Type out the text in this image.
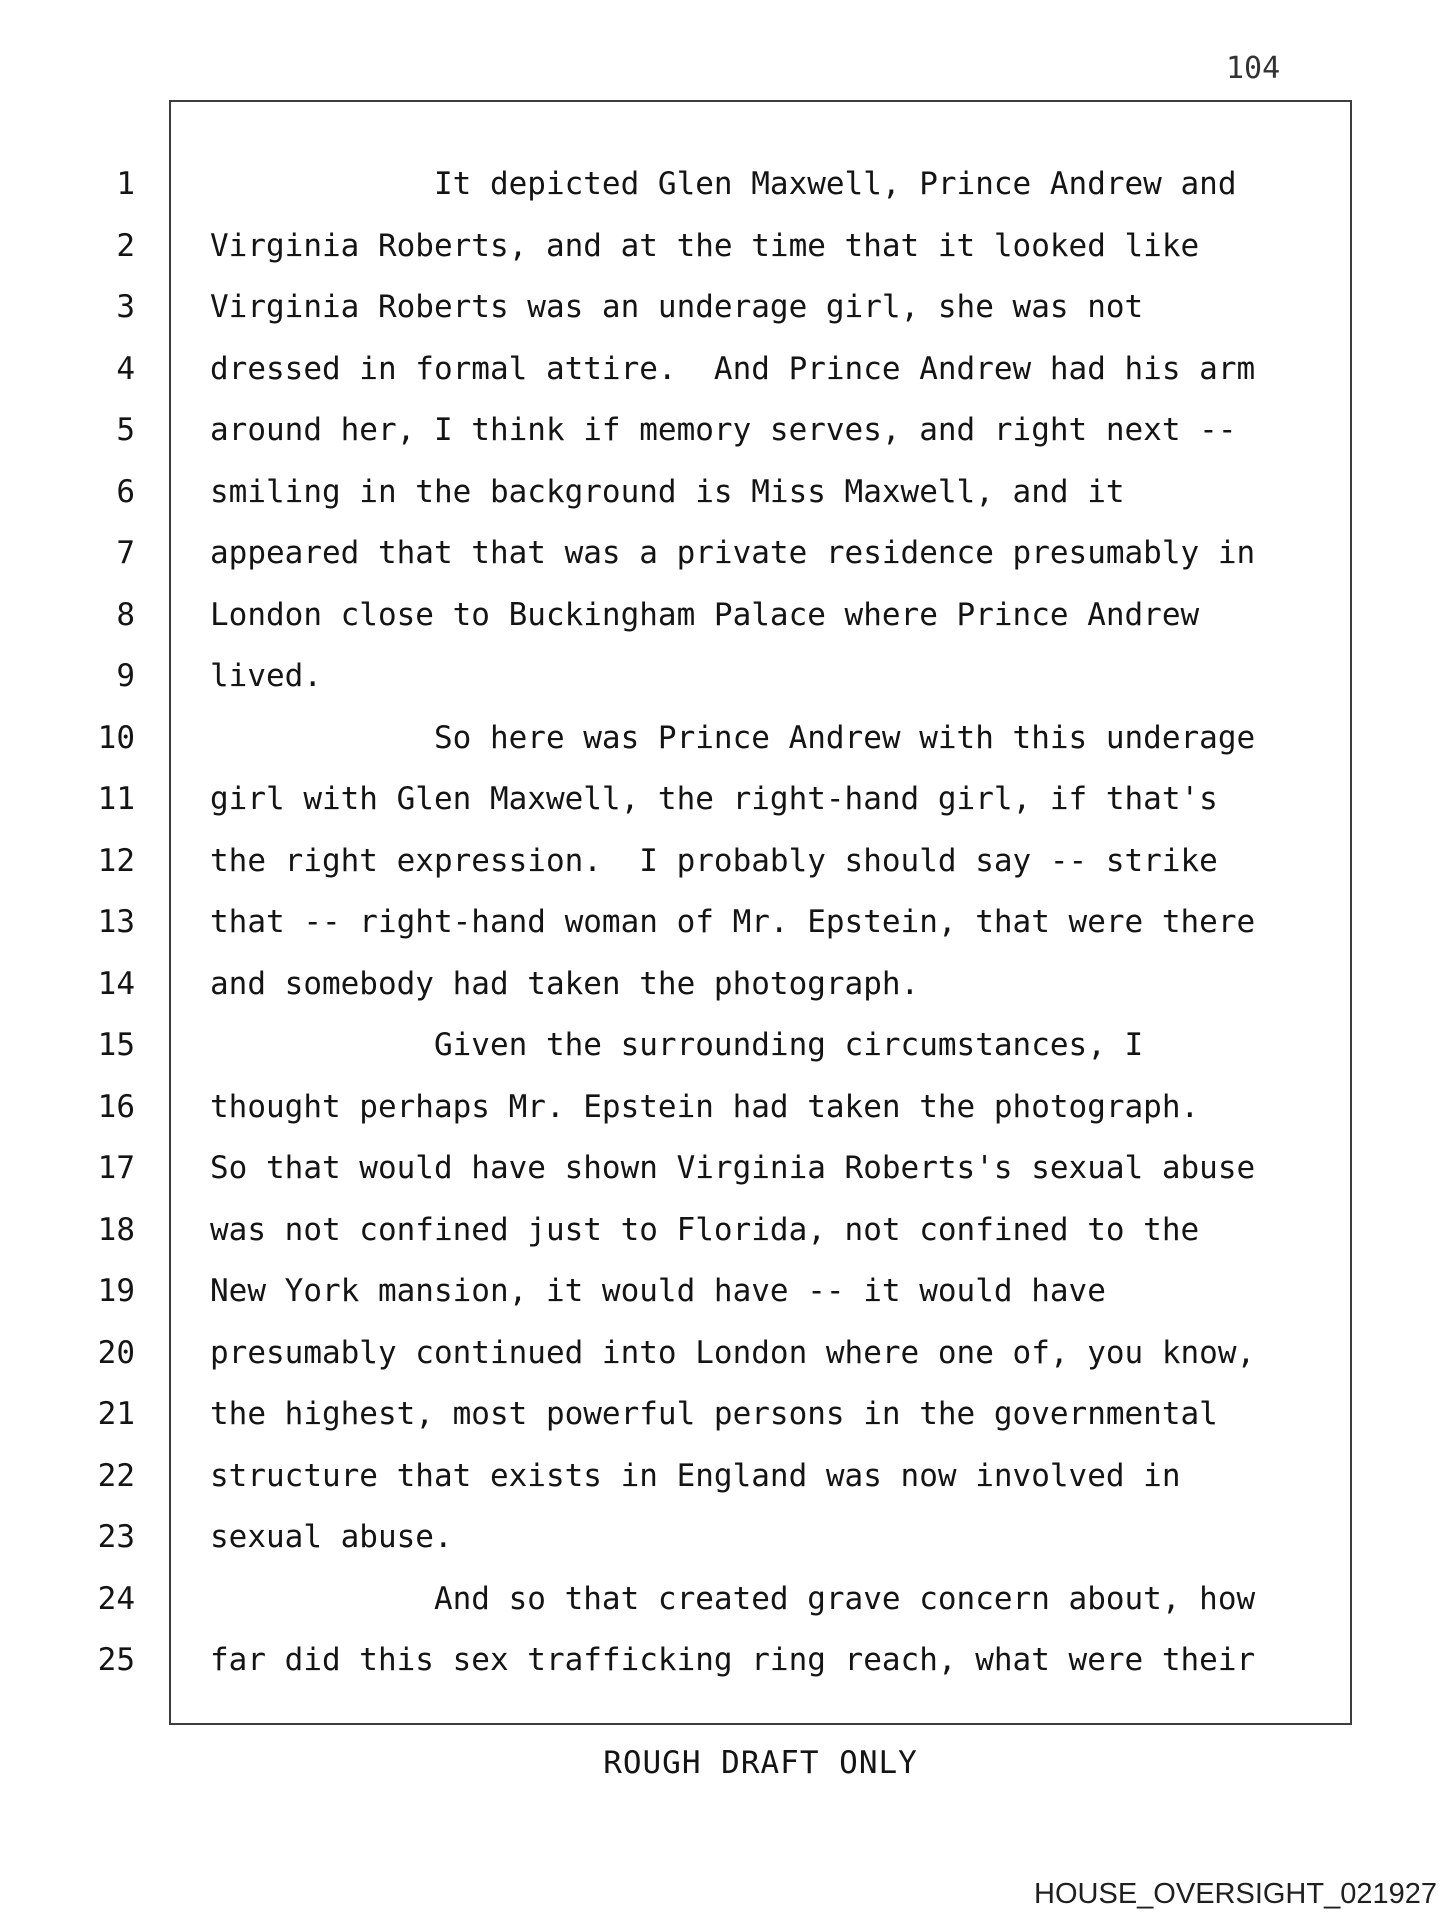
104
1
2
3
4
5
6
7
8
9
10
11
12
13
14
15
16
17
18
19
20
21
22
23
24
25
It depicted Glen Maxwell, Prince Andrew and
Virginia Roberts, and at the time that it looked like
Virginia Roberts was an underage girl, she was not
dressed in formal attire.  And Prince Andrew had his arm
around her, I think if memory serves, and right next --
smiling in the background is Miss Maxwell, and it
appeared that that was a private residence presumably in
London close to Buckingham Palace where Prince Andrew
lived.
So here was Prince Andrew with this underage
girl with Glen Maxwell, the right-hand girl, if that's
the right expression.  I probably should say -- strike
that -- right-hand woman of Mr. Epstein, that were there
and somebody had taken the photograph.
Given the surrounding circumstances, I
thought perhaps Mr. Epstein had taken the photograph.
So that would have shown Virginia Roberts's sexual abuse
was not confined just to Florida, not confined to the
New York mansion, it would have -- it would have
presumably continued into London where one of, you know,
the highest, most powerful persons in the governmental
structure that exists in England was now involved in
sexual abuse.
And so that created grave concern about, how
far did this sex trafficking ring reach, what were their
ROUGH DRAFT ONLY
HOUSE_OVERSIGHT_021927
